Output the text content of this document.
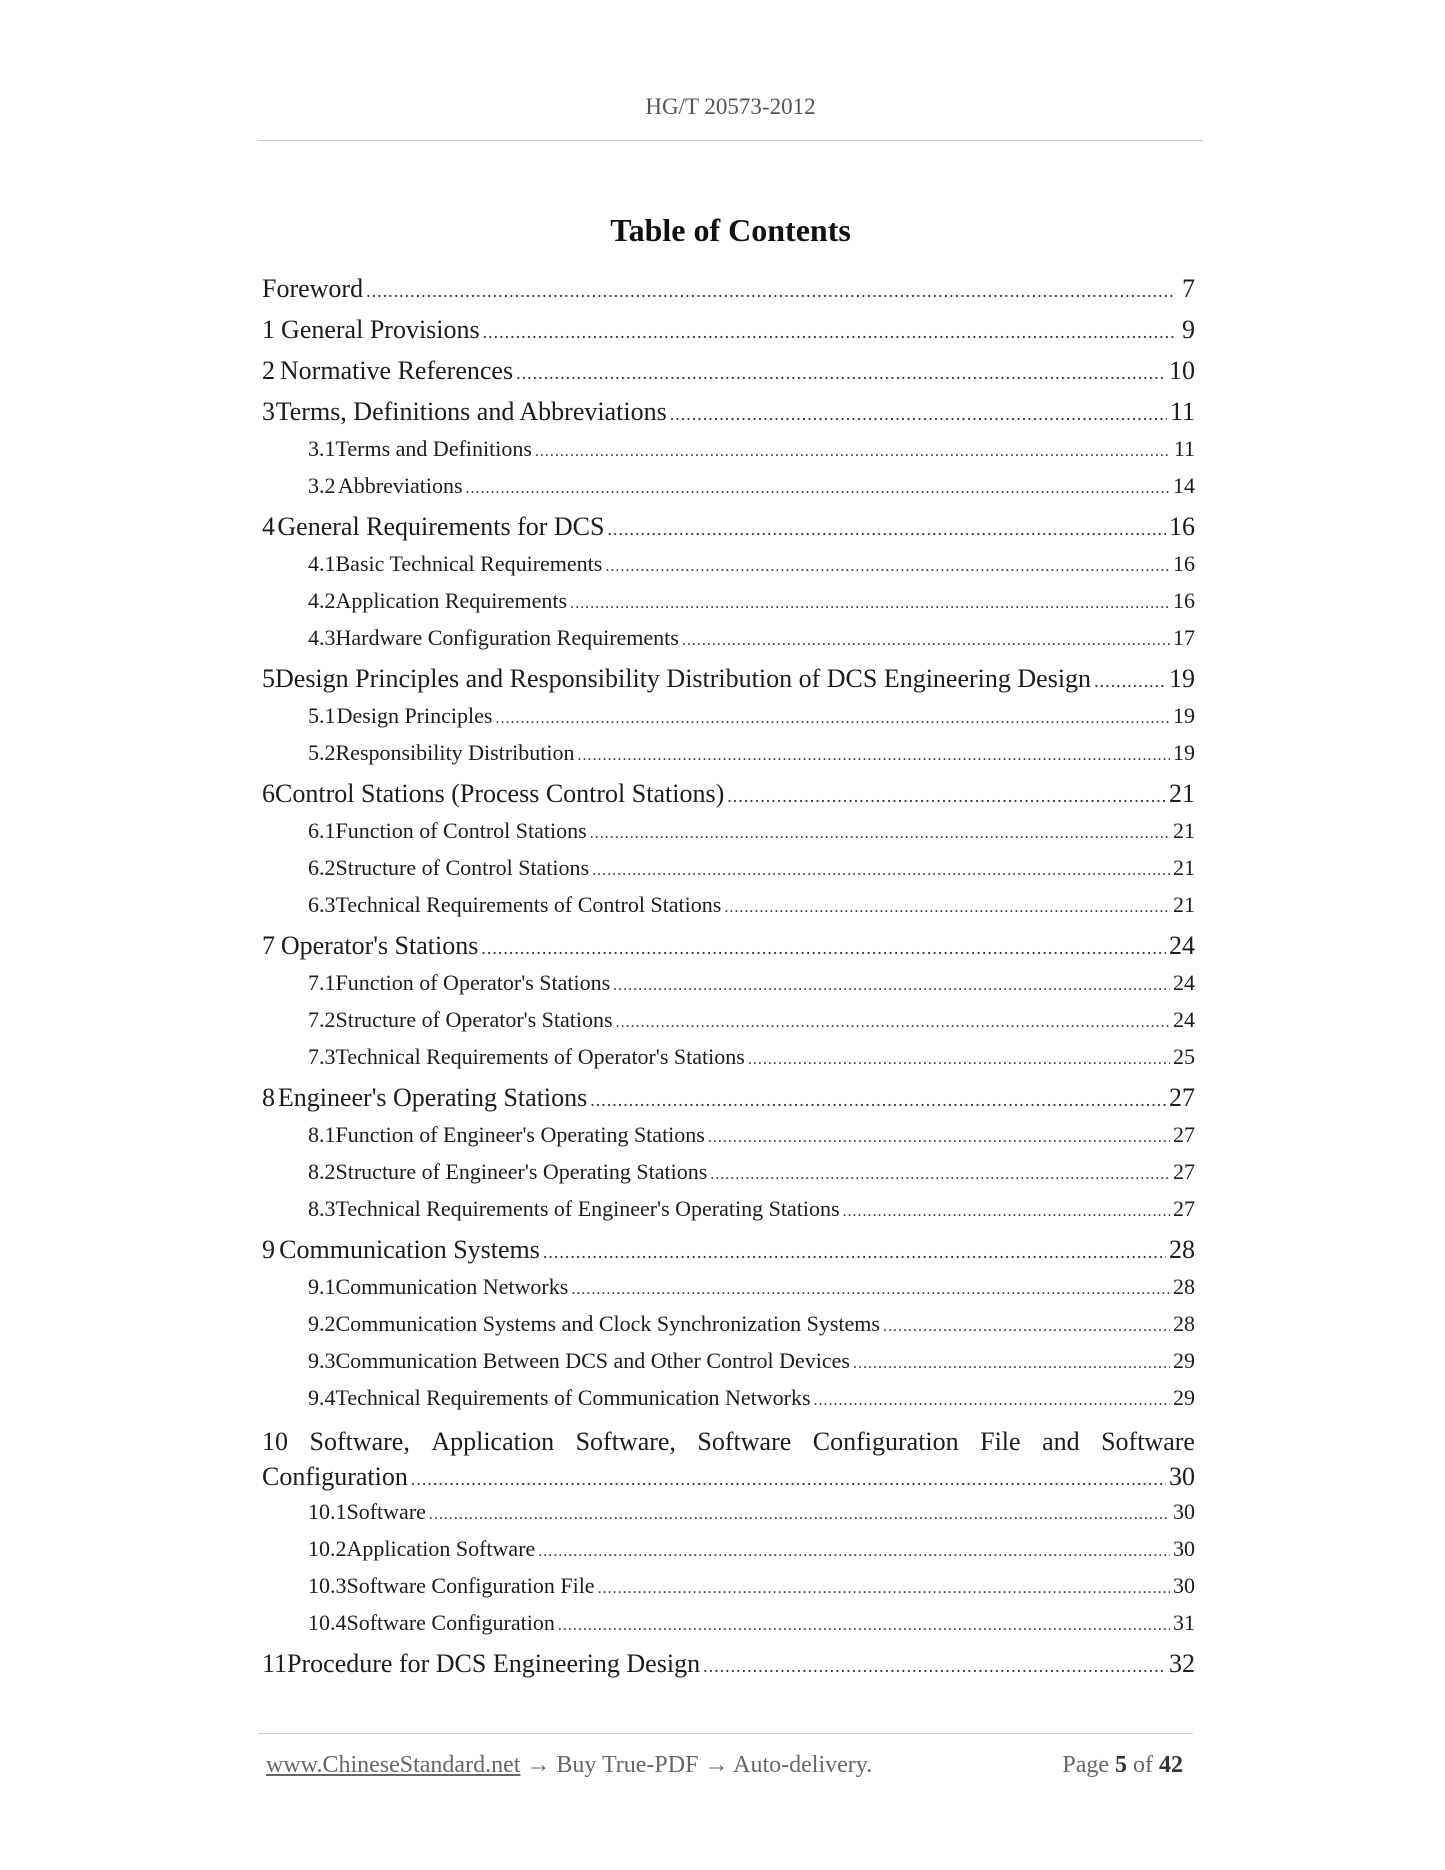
HG/T 20573-2012
Table of Contents
Foreword .....	7
1 General Provisions .....	9
2 Normative References .....	10
3 Terms, Definitions and Abbreviations .....	11
3.1 Terms and Definitions .....	11
3.2 Abbreviations .....	14
4 General Requirements for DCS .....	16
4.1 Basic Technical Requirements .....	16
4.2 Application Requirements .....	16
4.3 Hardware Configuration Requirements .....	17
5 Design Principles and Responsibility Distribution of DCS Engineering Design .....	19
5.1 Design Principles .....	19
5.2 Responsibility Distribution .....	19
6 Control Stations (Process Control Stations) .....	21
6.1 Function of Control Stations .....	21
6.2 Structure of Control Stations .....	21
6.3 Technical Requirements of Control Stations .....	21
7 Operator's Stations .....	24
7.1 Function of Operator's Stations .....	24
7.2 Structure of Operator's Stations .....	24
7.3 Technical Requirements of Operator's Stations .....	25
8 Engineer's Operating Stations .....	27
8.1 Function of Engineer's Operating Stations .....	27
8.2 Structure of Engineer's Operating Stations .....	27
8.3 Technical Requirements of Engineer's Operating Stations .....	27
9 Communication Systems .....	28
9.1 Communication Networks .....	28
9.2 Communication Systems and Clock Synchronization Systems .....	28
9.3 Communication Between DCS and Other Control Devices .....	29
9.4 Technical Requirements of Communication Networks .....	29
10 Software, Application Software, Software Configuration File and Software
Configuration .....	30
10.1 Software .....	30
10.2 Application Software .....	30
10.3 Software Configuration File .....	30
10.4 Software Configuration .....	31
11 Procedure for DCS Engineering Design .....	32
www.ChineseStandard.net → Buy True-PDF → Auto-delivery.	Page 5 of 42
